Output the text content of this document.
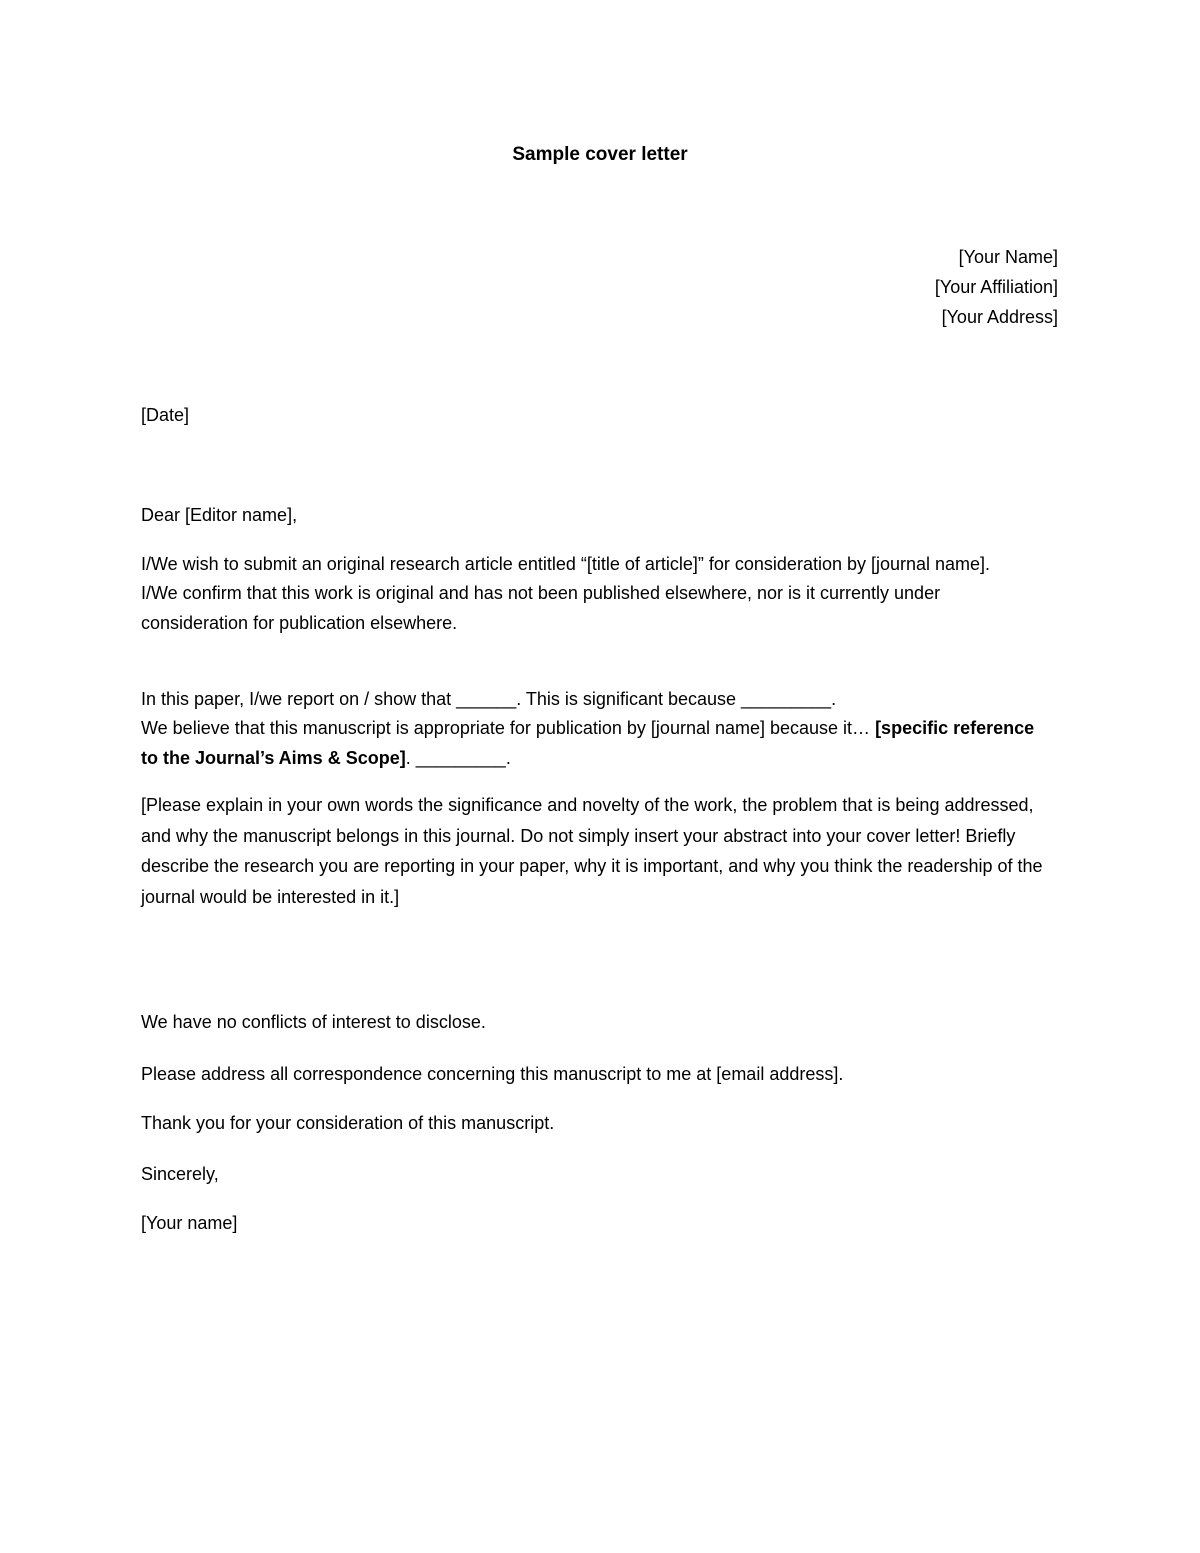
Sample cover letter
[Your Name]
[Your Affiliation]
[Your Address]
[Date]
Dear [Editor name],
I/We wish to submit an original research article entitled “[title of article]” for consideration by [journal name].
I/We confirm that this work is original and has not been published elsewhere, nor is it currently under consideration for publication elsewhere.
In this paper, I/we report on / show that ______. This is significant because _________.
We believe that this manuscript is appropriate for publication by [journal name] because it… [specific reference to the Journal’s Aims & Scope]. _________.
[Please explain in your own words the significance and novelty of the work, the problem that is being addressed, and why the manuscript belongs in this journal. Do not simply insert your abstract into your cover letter! Briefly describe the research you are reporting in your paper, why it is important, and why you think the readership of the journal would be interested in it.]
We have no conflicts of interest to disclose.
Please address all correspondence concerning this manuscript to me at [email address].
Thank you for your consideration of this manuscript.
Sincerely,
[Your name]
